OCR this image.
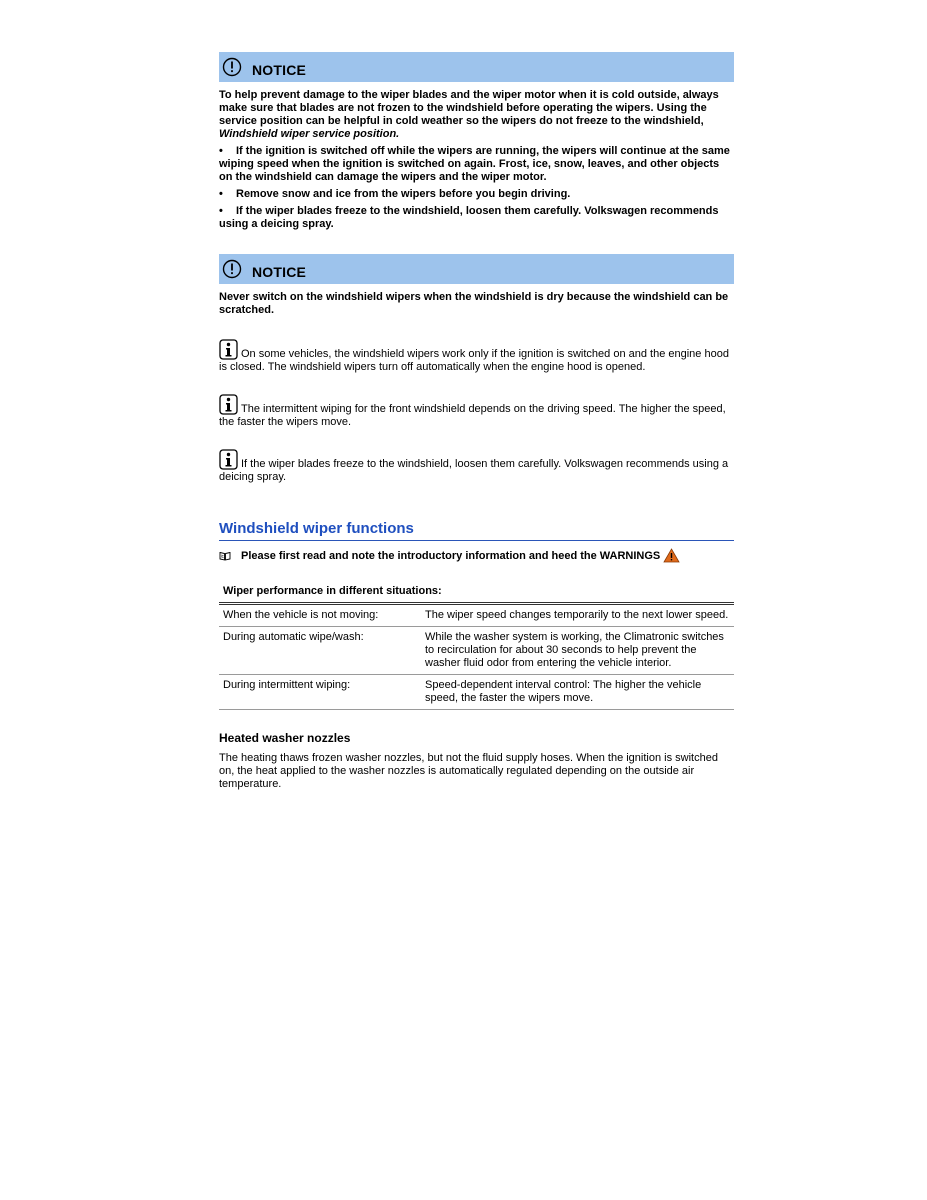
NOTICE

To help prevent damage to the wiper blades and the wiper motor when it is cold outside, always make sure that blades are not frozen to the windshield before operating the wipers. Using the service position can be helpful in cold weather so the wipers do not freeze to the windshield, Windshield wiper service position.

• If the ignition is switched off while the wipers are running, the wipers will continue at the same wiping speed when the ignition is switched on again. Frost, ice, snow, leaves, and other objects on the windshield can damage the wipers and the wiper motor.
• Remove snow and ice from the wipers before you begin driving.
• If the wiper blades freeze to the windshield, loosen them carefully. Volkswagen recommends using a deicing spray.
NOTICE

Never switch on the windshield wipers when the windshield is dry because the windshield can be scratched.

On some vehicles, the windshield wipers work only if the ignition is switched on and the engine hood is closed. The windshield wipers turn off automatically when the engine hood is opened.

The intermittent wiping for the front windshield depends on the driving speed. The higher the speed, the faster the wipers move.

If the wiper blades freeze to the windshield, loosen them carefully. Volkswagen recommends using a deicing spray.

Windshield wiper functions
Please first read and note the introductory information and heed the WARNINGS
Wiper performance in different situations:
When the vehicle is not moving:	The wiper speed changes temporarily to the next lower speed.
During automatic wipe/wash:	While the washer system is working, the Climatronic switches to recirculation for about 30 seconds to help prevent the washer fluid odor from entering the vehicle interior.
During intermittent wiping:	Speed-dependent interval control: The higher the vehicle speed, the faster the wipers move.
Heated washer nozzles

The heating thaws frozen washer nozzles, but not the fluid supply hoses. When the ignition is switched on, the heat applied to the washer nozzles is automatically regulated depending on the outside air temperature.
